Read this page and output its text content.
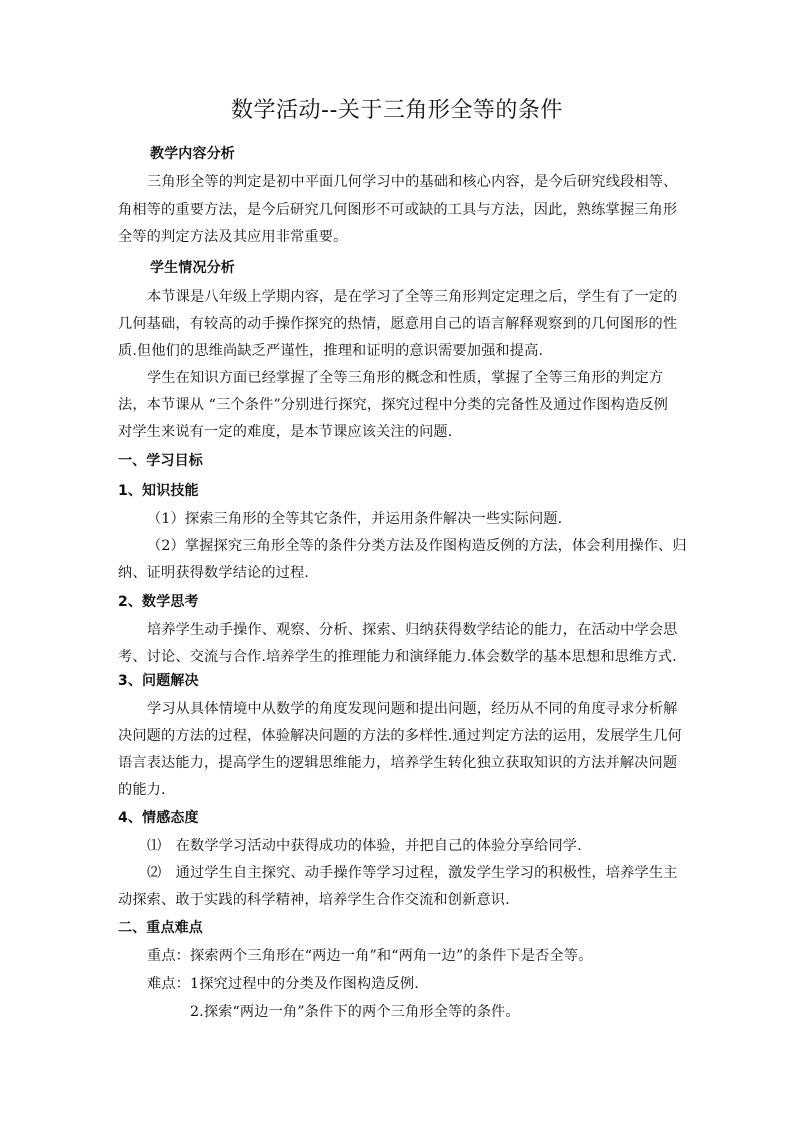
数学活动--关于三角形全等的条件
教学内容分析
三角形全等的判定是初中平面几何学习中的基础和核心内容，是今后研究线段相等、
角相等的重要方法，是今后研究几何图形不可或缺的工具与方法，因此，熟练掌握三角形
全等的判定方法及其应用非常重要。
学生情况分析
本节课是八年级上学期内容，是在学习了全等三角形判定定理之后，学生有了一定的
几何基础，有较高的动手操作探究的热情，愿意用自己的语言解释观察到的几何图形的性
质.但他们的思维尚缺乏严谨性，推理和证明的意识需要加强和提高.
学生在知识方面已经掌握了全等三角形的概念和性质，掌握了全等三角形的判定方
法，本节课从 “三个条件”分别进行探究，探究过程中分类的完备性及通过作图构造反例
对学生来说有一定的难度，是本节课应该关注的问题.
一、学习目标
1、知识技能
（1）探索三角形的全等其它条件，并运用条件解决一些实际问题.
（2）掌握探究三角形全等的条件分类方法及作图构造反例的方法，体会利用操作、归
纳、证明获得数学结论的过程.
2、数学思考
培养学生动手操作、观察、分析、探索、归纳获得数学结论的能力，在活动中学会思
考、讨论、交流与合作.培养学生的推理能力和演绎能力.体会数学的基本思想和思维方式.
3、问题解决
学习从具体情境中从数学的角度发现问题和提出问题，经历从不同的角度寻求分析解
决问题的方法的过程，体验解决问题的方法的多样性.通过判定方法的运用，发展学生几何
语言表达能力，提高学生的逻辑思维能力，培养学生转化独立获取知识的方法并解决问题
的能力.
4、情感态度
⑴　在数学学习活动中获得成功的体验，并把自己的体验分享给同学.
⑵　通过学生自主探究、动手操作等学习过程，激发学生学习的积极性，培养学生主
动探索、敢于实践的科学精神，培养学生合作交流和创新意识.
二、重点难点
重点：探索两个三角形在“两边一角”和“两角一边”的条件下是否全等。
难点：1探究过程中的分类及作图构造反例.
2.探索“两边一角”条件下的两个三角形全等的条件。
